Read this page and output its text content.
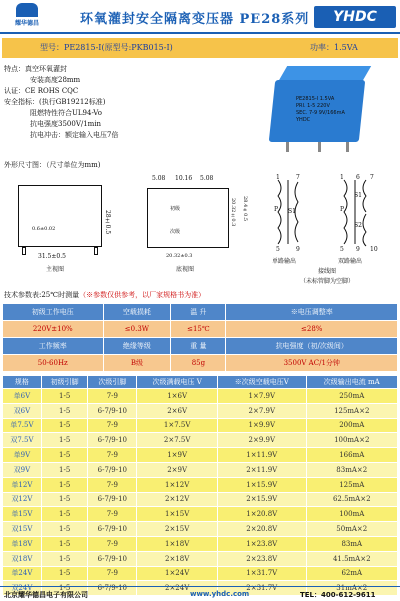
耀华德昌	环氧灌封安全隔离变压器 PE28系列	YHDC
型号：PE2815-I(原型号:PKB015-I)	功率：1.5VA
特点：真空环氧灌封
安装高度28mm
认证：CE ROHS CQC
安全指标：(执行GB19212标准)
阻燃特性符合UL94-Vo
抗电强度3500V/1min
抗电冲击：额定输入电压7倍
PE2815-I 1.5VA
PRI. 1-5 220V
SEC. 7-9 9V/166mA
YHDC
外形尺寸图：（尺寸单位为mm)
28±0.5
0.6±0.02
31.5±0.5
主视图
5.08 10.16 5.08
初级
次级
20.32±0.3 28.4±0.5
20.32±0.3
底视图
1	7
5	9
P S1
1 6 7
5 9 10
P
S1
S2
单路输出	双路输出
接线图
（未标管脚为空脚）
技术参数表:25℃时测量（※参数仅供参考，以厂家规格书为准）
初级工作电压	空载损耗	温 升	※电压调整率
220V±10%	≤0.3W	≤15℃	≤28%
工作频率	绝缘等级	重 量	抗电强度（初/次级间）
50-60Hz	B级	85g	3500V AC/1分钟
规格	初级引脚	次级引脚	次级满载电压 V	※次级空载电压V	次级输出电流 mA
单6V	1-5	7-9	1×6V	1×7.9V	250mA
双6V	1-5	6-7/9-10	2×6V	2×7.9V	125mA×2
单7.5V	1-5	7-9	1×7.5V	1×9.9V	200mA
双7.5V	1-5	6-7/9-10	2×7.5V	2×9.9V	100mA×2
单9V	1-5	7-9	1×9V	1×11.9V	166mA
双9V	1-5	6-7/9-10	2×9V	2×11.9V	83mA×2
单12V	1-5	7-9	1×12V	1×15.9V	125mA
双12V	1-5	6-7/9-10	2×12V	2×15.9V	62.5mA×2
单15V	1-5	7-9	1×15V	1×20.8V	100mA
双15V	1-5	6-7/9-10	2×15V	2×20.8V	50mA×2
单18V	1-5	7-9	1×18V	1×23.8V	83mA
双18V	1-5	6-7/9-10	2×18V	2×23.8V	41.5mA×2
单24V	1-5	7-9	1×24V	1×31.7V	62mA
双24V	1-5	6-7/9-10	2×24V	2×31.7V	31mA×2
北京耀华德昌电子有限公司	www.yhdc.com	TEL：400-612-9611
